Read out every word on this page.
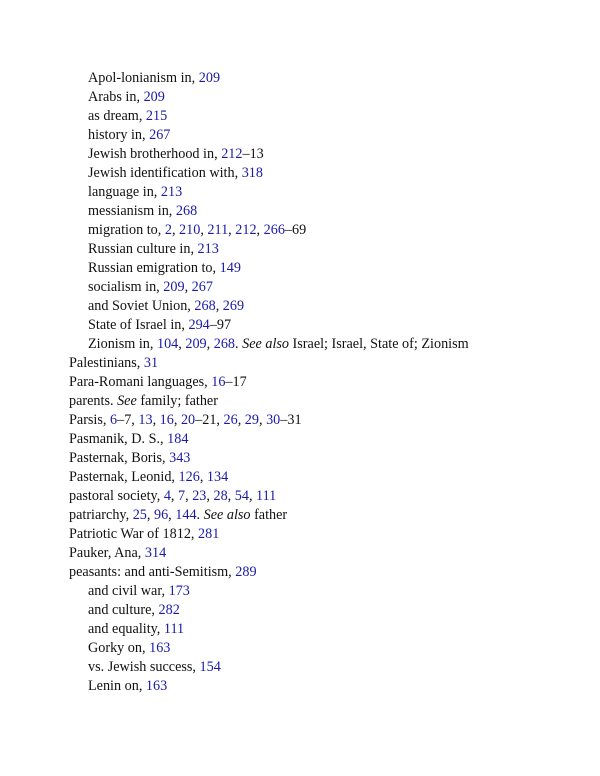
Apol-lonianism in, 209
Arabs in, 209
as dream, 215
history in, 267
Jewish brotherhood in, 212–13
Jewish identification with, 318
language in, 213
messianism in, 268
migration to, 2, 210, 211, 212, 266–69
Russian culture in, 213
Russian emigration to, 149
socialism in, 209, 267
and Soviet Union, 268, 269
State of Israel in, 294–97
Zionism in, 104, 209, 268. See also Israel; Israel, State of; Zionism
Palestinians, 31
Para-Romani languages, 16–17
parents. See family; father
Parsis, 6–7, 13, 16, 20–21, 26, 29, 30–31
Pasmanik, D. S., 184
Pasternak, Boris, 343
Pasternak, Leonid, 126, 134
pastoral society, 4, 7, 23, 28, 54, 111
patriarchy, 25, 96, 144. See also father
Patriotic War of 1812, 281
Pauker, Ana, 314
peasants: and anti-Semitism, 289
and civil war, 173
and culture, 282
and equality, 111
Gorky on, 163
vs. Jewish success, 154
Lenin on, 163
